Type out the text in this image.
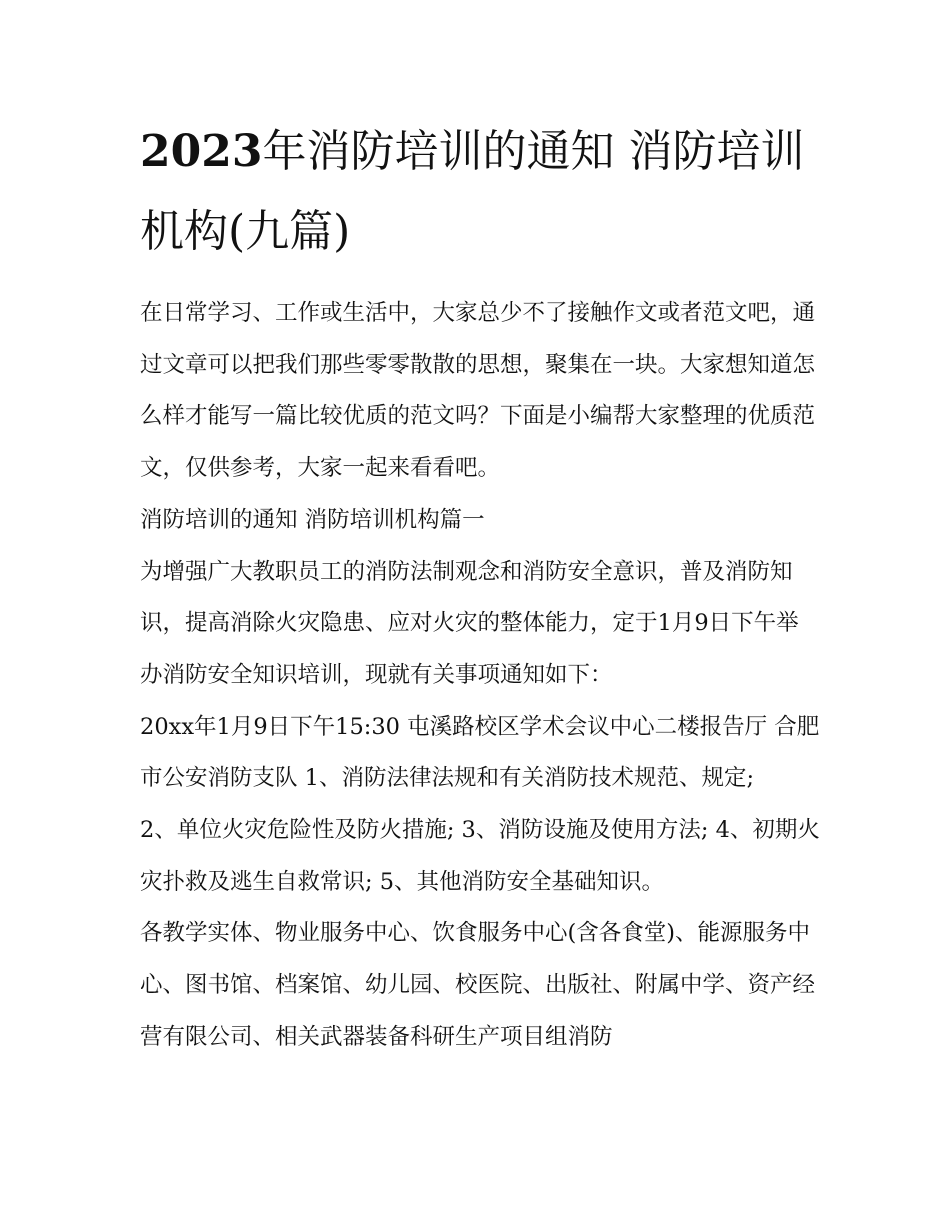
2023年消防培训的通知 消防培训机构(九篇)

在日常学习、工作或生活中，大家总少不了接触作文或者范文吧，通过文章可以把我们那些零零散散的思想，聚集在一块。大家想知道怎么样才能写一篇比较优质的范文吗？下面是小编帮大家整理的优质范文，仅供参考，大家一起来看看吧。

消防培训的通知 消防培训机构篇一

为增强广大教职员工的消防法制观念和消防安全意识，普及消防知识，提高消除火灾隐患、应对火灾的整体能力，定于1月9日下午举办消防安全知识培训，现就有关事项通知如下：

20xx年1月9日下午15:30 屯溪路校区学术会议中心二楼报告厅 合肥市公安消防支队 1、消防法律法规和有关消防技术规范、规定;

2、单位火灾危险性及防火措施; 3、消防设施及使用方法; 4、初期火灾扑救及逃生自救常识; 5、其他消防安全基础知识。

各教学实体、物业服务中心、饮食服务中心(含各食堂)、能源服务中心、图书馆、档案馆、幼儿园、校医院、出版社、附属中学、资产经营有限公司、相关武器装备科研生产项目组消防
